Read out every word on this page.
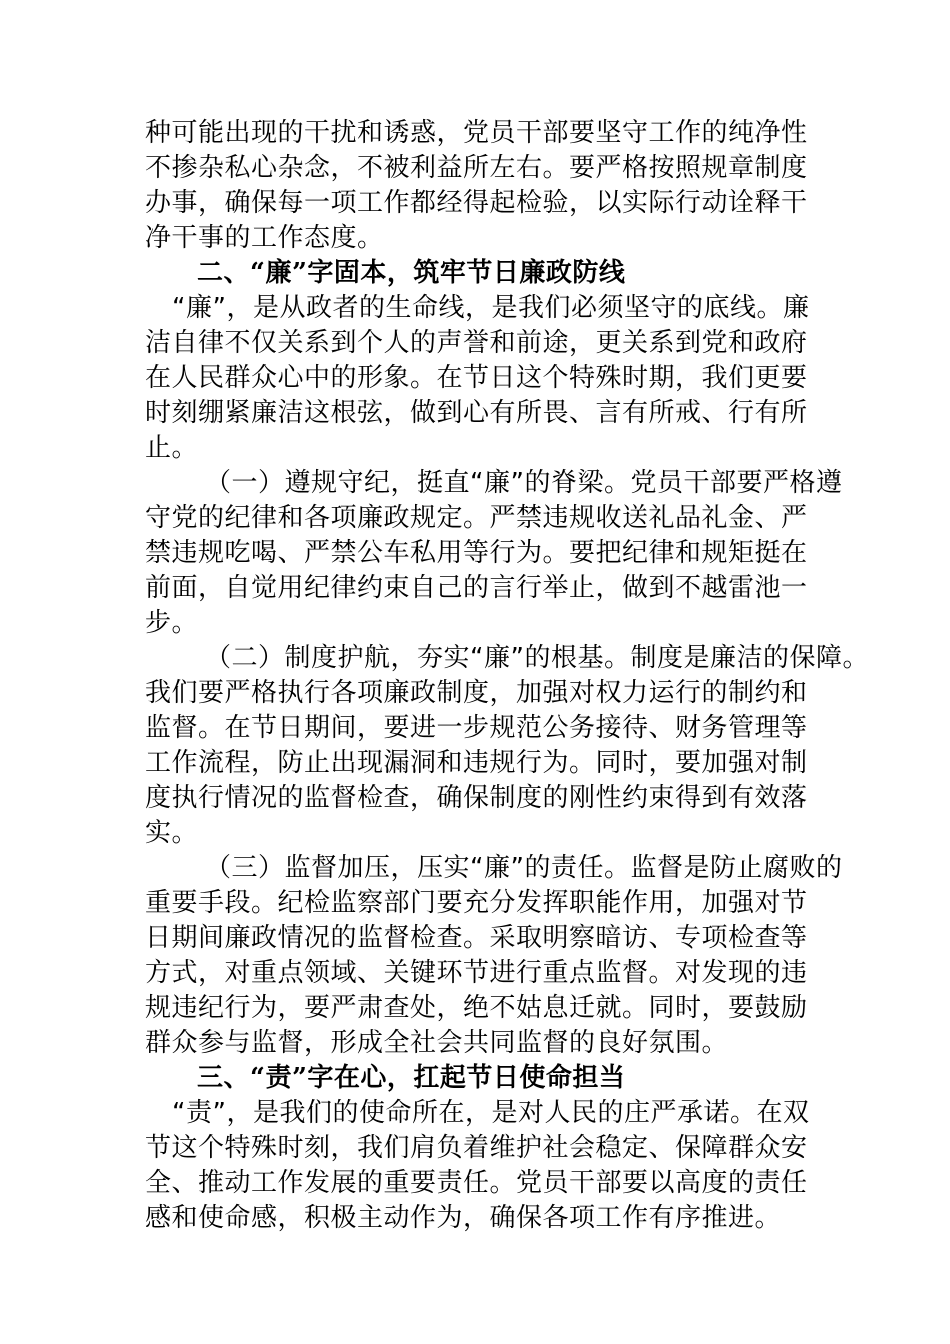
种可能出现的干扰和诱惑，党员干部要坚守工作的纯净性
不掺杂私心杂念，不被利益所左右。要严格按照规章制度
办事，确保每一项工作都经得起检验，以实际行动诠释干
净干事的工作态度。
二、“廉”字固本，筑牢节日廉政防线
“廉”，是从政者的生命线，是我们必须坚守的底线。廉
洁自律不仅关系到个人的声誉和前途，更关系到党和政府
在人民群众心中的形象。在节日这个特殊时期，我们更要
时刻绷紧廉洁这根弦，做到心有所畏、言有所戒、行有所
止。
（一）遵规守纪，挺直“廉”的脊梁。党员干部要严格遵
守党的纪律和各项廉政规定。严禁违规收送礼品礼金、严
禁违规吃喝、严禁公车私用等行为。要把纪律和规矩挺在
前面，自觉用纪律约束自己的言行举止，做到不越雷池一
步。
（二）制度护航，夯实“廉”的根基。制度是廉洁的保障。
我们要严格执行各项廉政制度，加强对权力运行的制约和
监督。在节日期间，要进一步规范公务接待、财务管理等
工作流程，防止出现漏洞和违规行为。同时，要加强对制
度执行情况的监督检查，确保制度的刚性约束得到有效落
实。
（三）监督加压，压实“廉”的责任。监督是防止腐败的
重要手段。纪检监察部门要充分发挥职能作用，加强对节
日期间廉政情况的监督检查。采取明察暗访、专项检查等
方式，对重点领域、关键环节进行重点监督。对发现的违
规违纪行为，要严肃查处，绝不姑息迁就。同时，要鼓励
群众参与监督，形成全社会共同监督的良好氛围。
三、“责”字在心，扛起节日使命担当
“责”，是我们的使命所在，是对人民的庄严承诺。在双
节这个特殊时刻，我们肩负着维护社会稳定、保障群众安
全、推动工作发展的重要责任。党员干部要以高度的责任
感和使命感，积极主动作为，确保各项工作有序推进。
